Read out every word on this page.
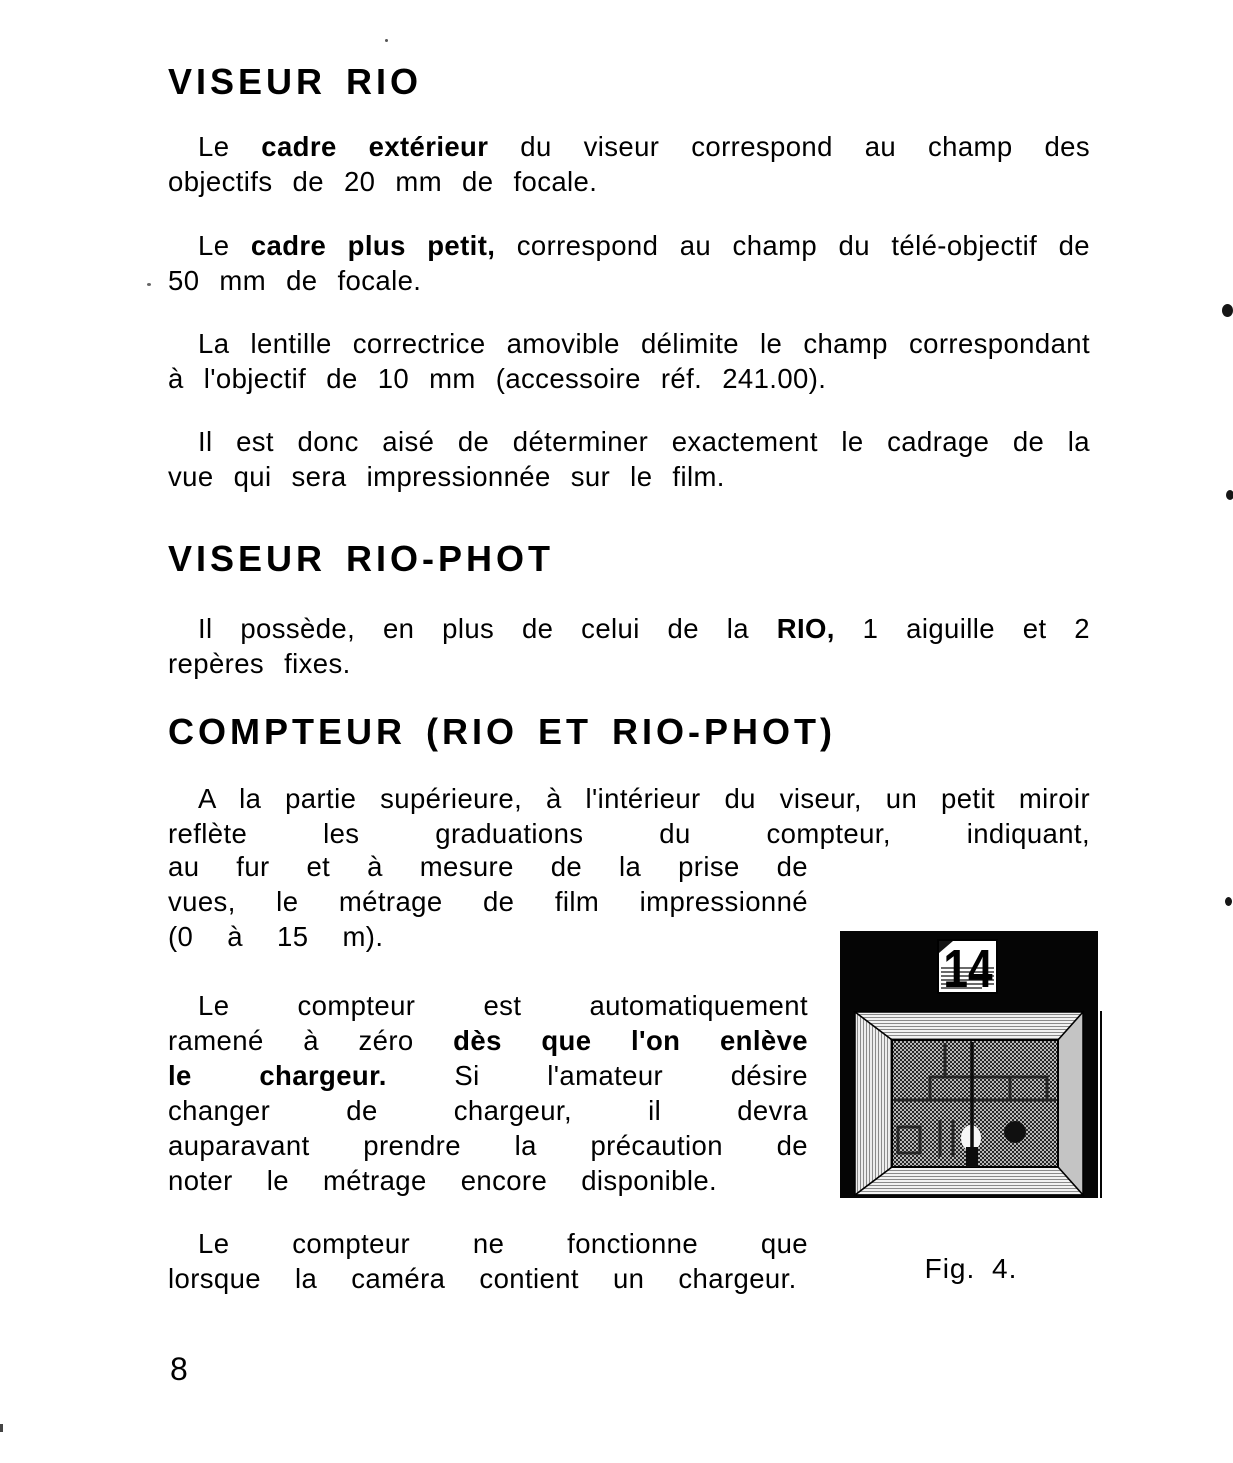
VISEUR RIO

Le cadre extérieur du viseur correspond au champ des objectifs de 20 mm de focale.

Le cadre plus petit, correspond au champ du télé-objectif de 50 mm de focale.

La lentille correctrice amovible délimite le champ correspondant à l'objectif de 10 mm (accessoire réf. 241.00).

Il est donc aisé de déterminer exactement le cadrage de la vue qui sera impressionnée sur le film.

VISEUR RIO-PHOT

Il possède, en plus de celui de la RIO, 1 aiguille et 2 repères fixes.

COMPTEUR (RIO ET RIO-PHOT)

A la partie supérieure, à l'intérieur du viseur, un petit miroir reflète les graduations du compteur, indiquant,

au fur et à mesure de la prise de vues, le métrage de film impressionné (0 à 15 m).

Le compteur est automatiquement ramené à zéro dès que l'on enlève le chargeur. Si l'amateur désire changer de chargeur, il devra auparavant prendre la précaution de noter le métrage encore disponible.

Le compteur ne fonctionne que lorsque la caméra contient un chargeur.

8

14
Fig. 4.
